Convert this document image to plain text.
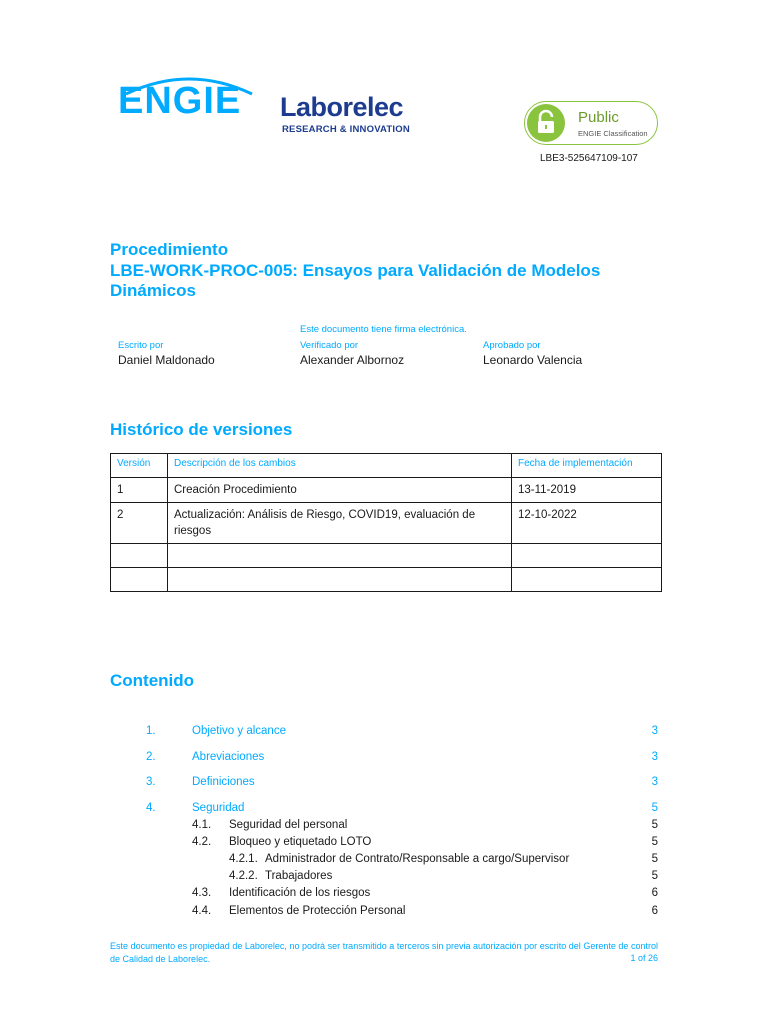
ENGIE Laborelec
RESEARCH & INNOVATION
Public
ENGIE Classification
LBE3-525647109-107
Procedimiento
LBE-WORK-PROC-005: Ensayos para Validación de Modelos
Dinámicos
Este documento tiene firma electrónica.
Escrito por	Verificado por	Aprobado por
Daniel Maldonado	Alexander Albornoz	Leonardo Valencia
Histórico de versiones
Versión	Descripción de los cambios	Fecha de implementación
1	Creación Procedimiento	13-11-2019
2	Actualización: Análisis de Riesgo, COVID19, evaluación de riesgos	12-10-2022

Contenido
1.	Objetivo y alcance	3
2.	Abreviaciones	3
3.	Definiciones	3
4.	Seguridad	5
4.1. Seguridad del personal	5
4.2. Bloqueo y etiquetado LOTO	5
4.2.1. Administrador de Contrato/Responsable a cargo/Supervisor	5
4.2.2. Trabajadores	5
4.3. Identificación de los riesgos	6
4.4. Elementos de Protección Personal	6
Este documento es propiedad de Laborelec, no podrá ser transmitido a terceros sin previa autorización por escrito del Gerente de control de Calidad de Laborelec.	1 of 26
